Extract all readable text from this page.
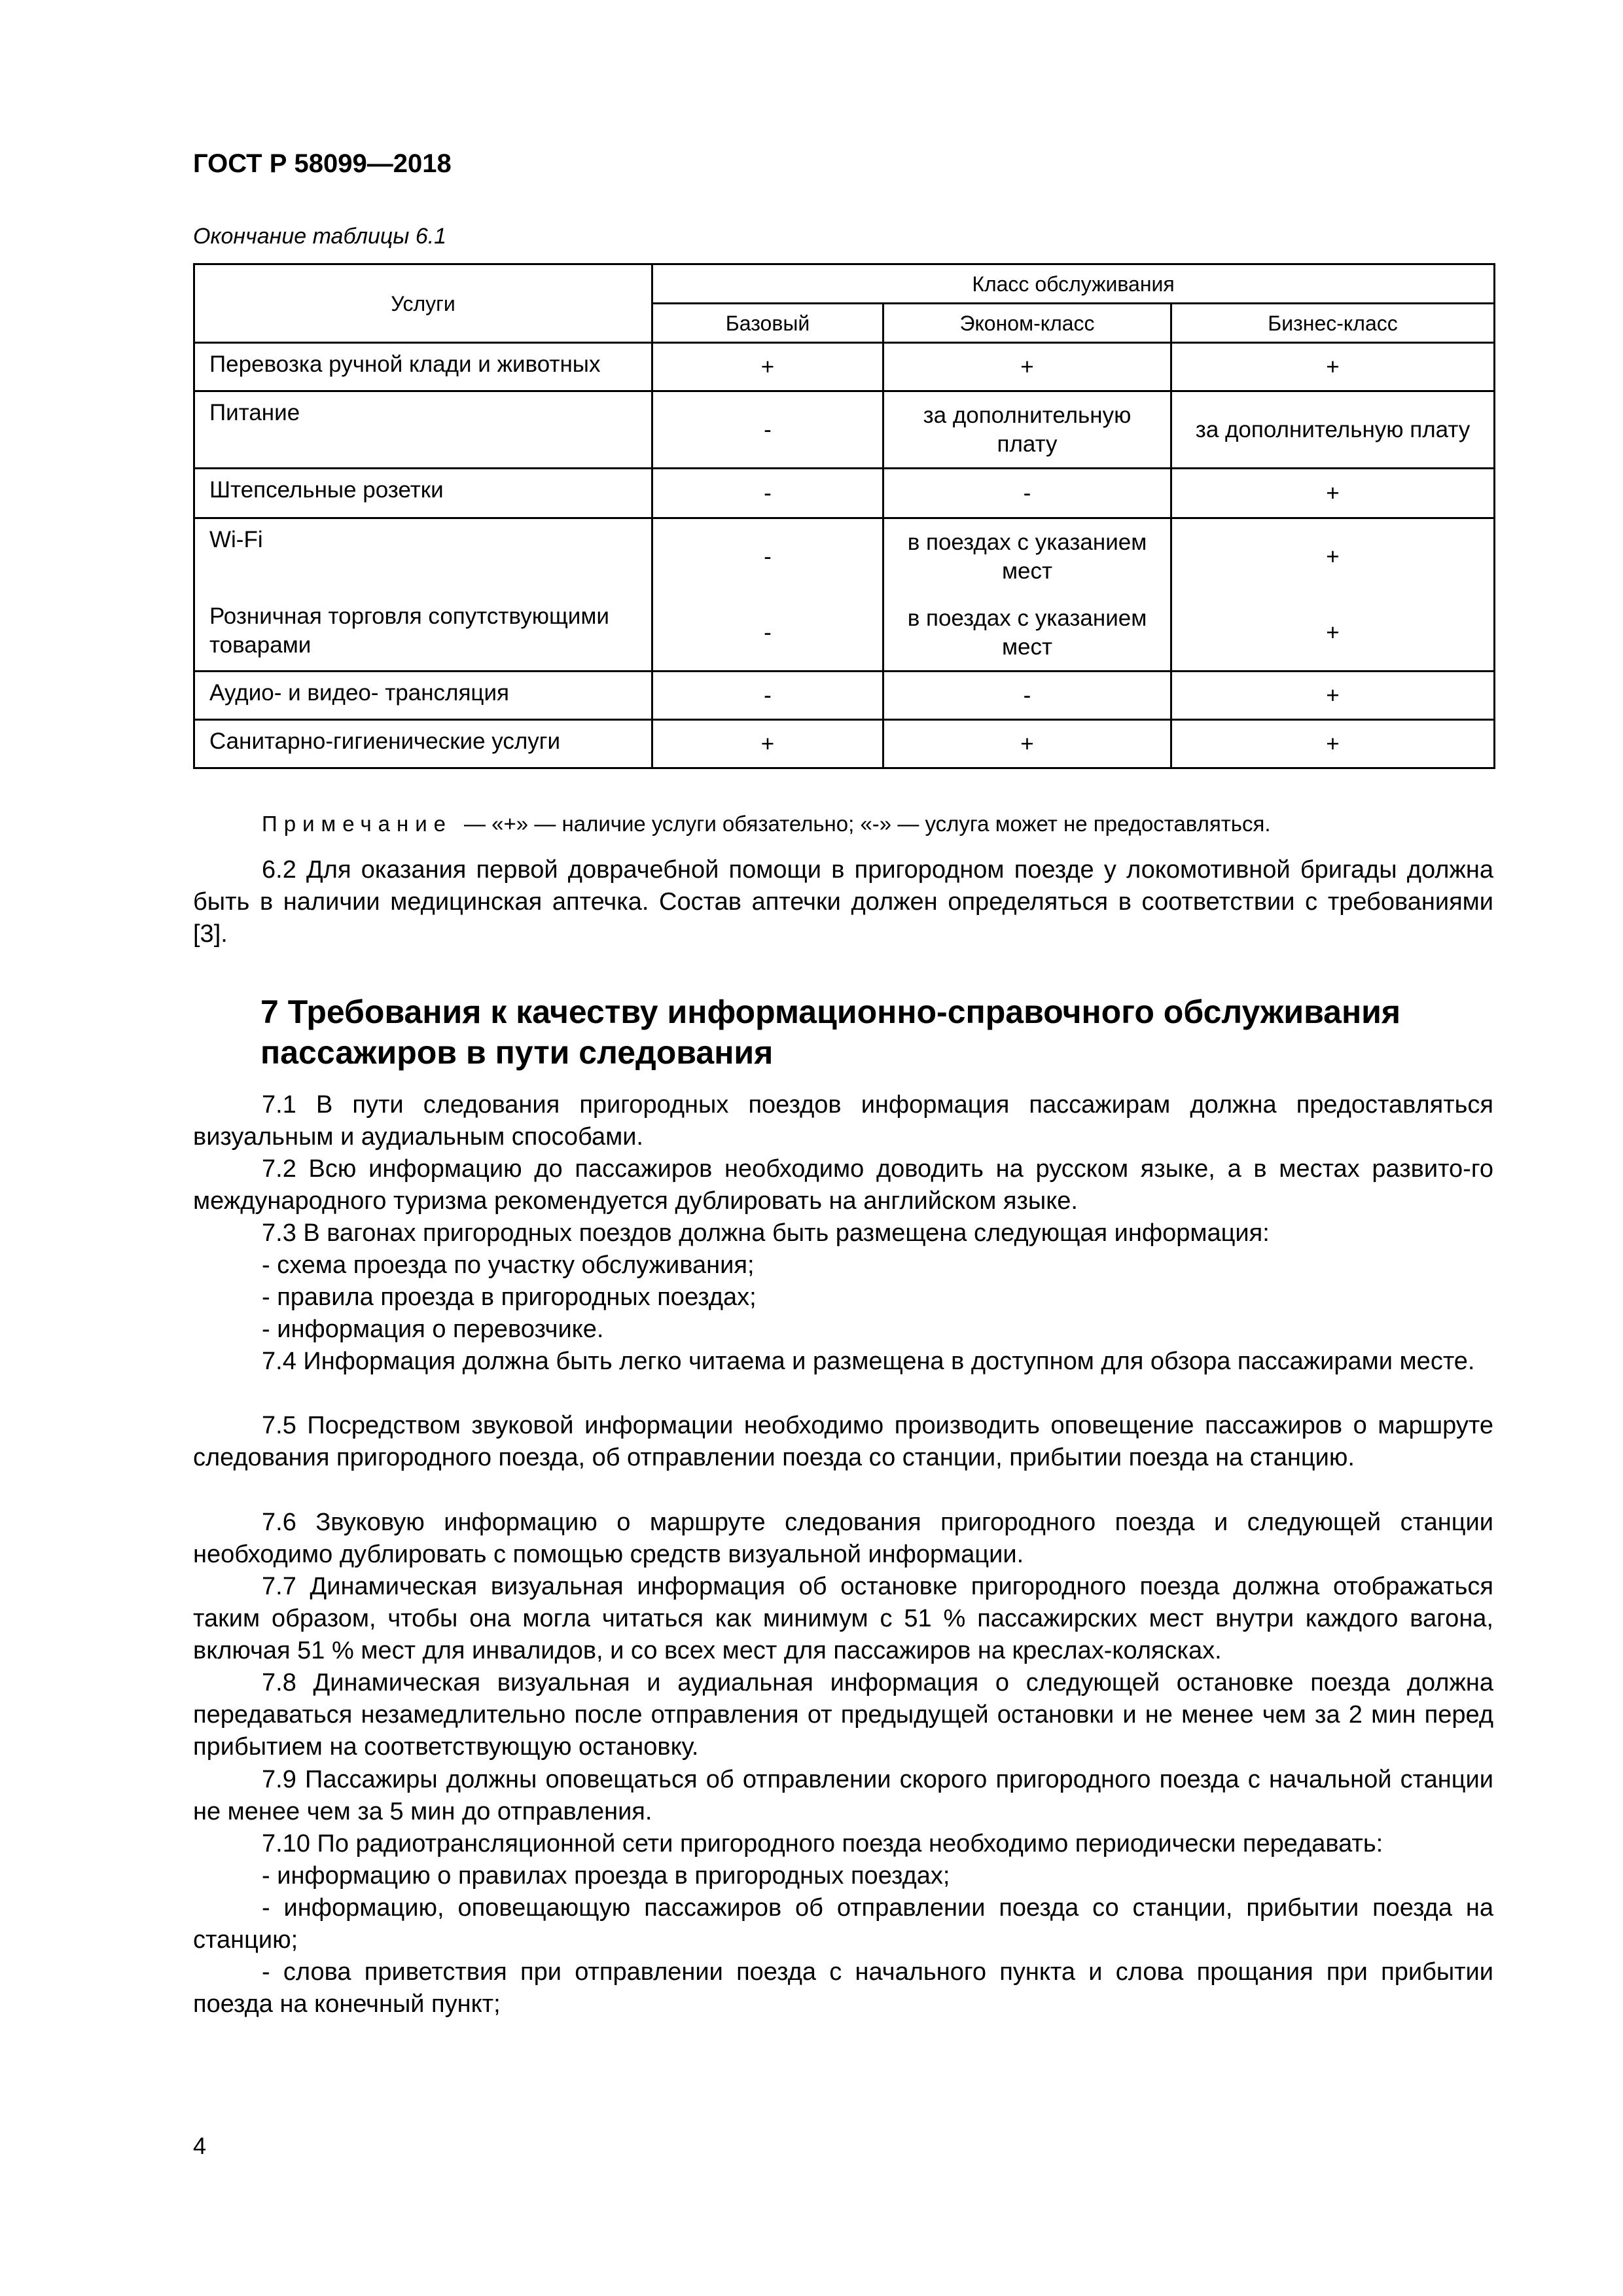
ГОСТ Р 58099—2018
Окончание таблицы 6.1
Услуги	Класс обслуживания		
	Базовый	Эконом-класс	Бизнес-класс
Перевозка ручной клади и животных	+	+	+
Питание	-	за дополнительную плату	за дополнительную плату
Штепсельные розетки	-	-	+
Wi-Fi	-	в поездах с указанием мест	+
Розничная торговля сопутствующими товарами	-	в поездах с указанием мест	+
Аудио- и видео- трансляция	-	-	+
Санитарно-гигиенические услуги	+	+	+
Примечание — «+» — наличие услуги обязательно; «-» — услуга может не предоставляться.

6.2 Для оказания первой доврачебной помощи в пригородном поезде у локомотивной бригады должна быть в наличии медицинская аптечка. Состав аптечки должен определяться в соответствии с требованиями [3].

7 Требования к качеству информационно-справочного обслуживания пассажиров в пути следования

7.1 В пути следования пригородных поездов информация пассажирам должна предоставляться визуальным и аудиальным способами.

7.2 Всю информацию до пассажиров необходимо доводить на русском языке, а в местах развито-го международного туризма рекомендуется дублировать на английском языке.

7.3 В вагонах пригородных поездов должна быть размещена следующая информация:

- схема проезда по участку обслуживания;

- правила проезда в пригородных поездах;

- информация о перевозчике.

7.4 Информация должна быть легко читаема и размещена в доступном для обзора пассажирами месте.

7.5 Посредством звуковой информации необходимо производить оповещение пассажиров о маршруте следования пригородного поезда, об отправлении поезда со станции, прибытии поезда на станцию.

7.6 Звуковую информацию о маршруте следования пригородного поезда и следующей станции необходимо дублировать с помощью средств визуальной информации.

7.7 Динамическая визуальная информация об остановке пригородного поезда должна отображаться таким образом, чтобы она могла читаться как минимум с 51 % пассажирских мест внутри каждого вагона, включая 51 % мест для инвалидов, и со всех мест для пассажиров на креслах-колясках.

7.8 Динамическая визуальная и аудиальная информация о следующей остановке поезда должна передаваться незамедлительно после отправления от предыдущей остановки и не менее чем за 2 мин перед прибытием на соответствующую остановку.

7.9 Пассажиры должны оповещаться об отправлении скорого пригородного поезда с начальной станции не менее чем за 5 мин до отправления.

7.10 По радиотрансляционной сети пригородного поезда необходимо периодически передавать:

- информацию о правилах проезда в пригородных поездах;

- информацию, оповещающую пассажиров об отправлении поезда со станции, прибытии поезда на станцию;

- слова приветствия при отправлении поезда с начального пункта и слова прощания при прибытии поезда на конечный пункт;

4
